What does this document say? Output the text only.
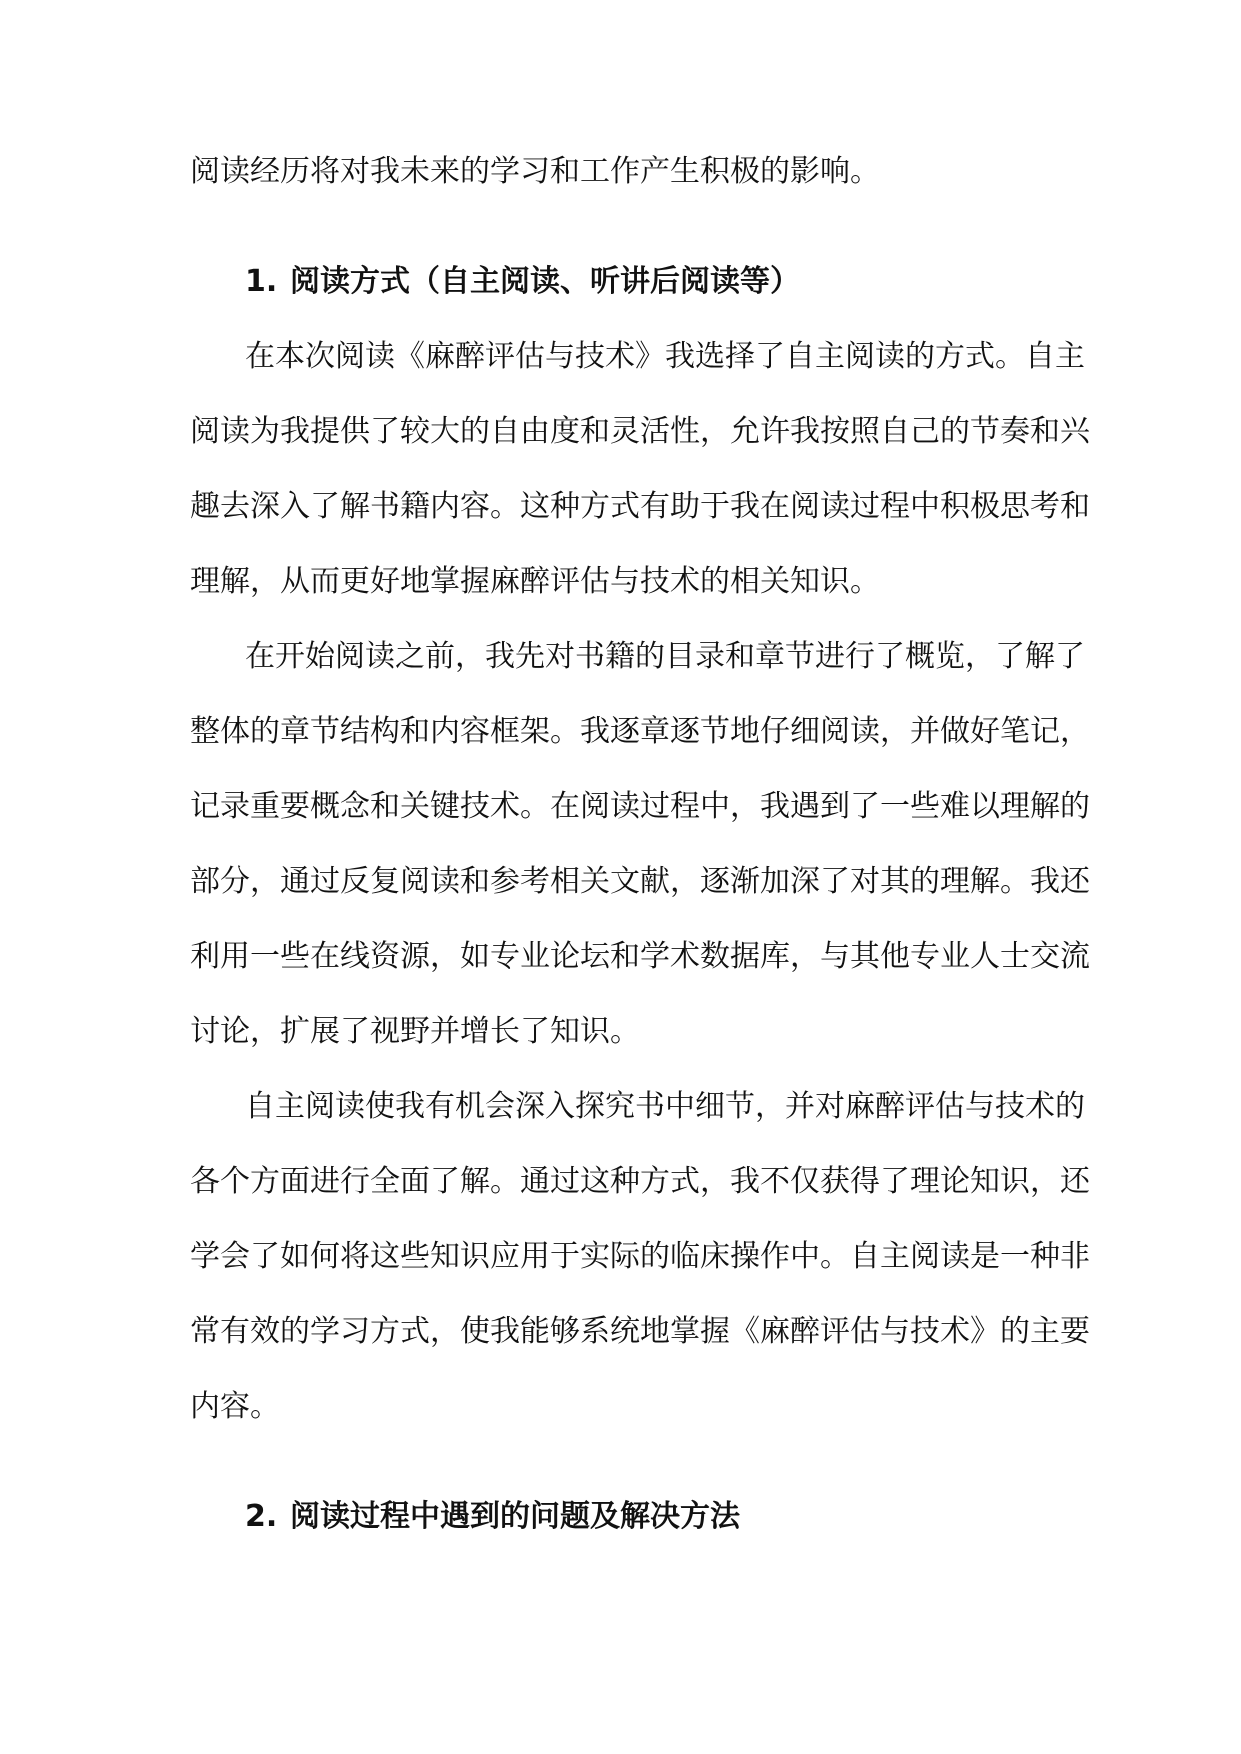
阅读经历将对我未来的学习和工作产生积极的影响。
1. 阅读方式（自主阅读、听讲后阅读等）
在本次阅读《麻醉评估与技术》我选择了自主阅读的方式。自主
阅读为我提供了较大的自由度和灵活性，允许我按照自己的节奏和兴
趣去深入了解书籍内容。这种方式有助于我在阅读过程中积极思考和
理解，从而更好地掌握麻醉评估与技术的相关知识。
在开始阅读之前，我先对书籍的目录和章节进行了概览，了解了
整体的章节结构和内容框架。我逐章逐节地仔细阅读，并做好笔记，
记录重要概念和关键技术。在阅读过程中，我遇到了一些难以理解的
部分，通过反复阅读和参考相关文献，逐渐加深了对其的理解。我还
利用一些在线资源，如专业论坛和学术数据库，与其他专业人士交流
讨论，扩展了视野并增长了知识。
自主阅读使我有机会深入探究书中细节，并对麻醉评估与技术的
各个方面进行全面了解。通过这种方式，我不仅获得了理论知识，还
学会了如何将这些知识应用于实际的临床操作中。自主阅读是一种非
常有效的学习方式，使我能够系统地掌握《麻醉评估与技术》的主要
内容。
2. 阅读过程中遇到的问题及解决方法
